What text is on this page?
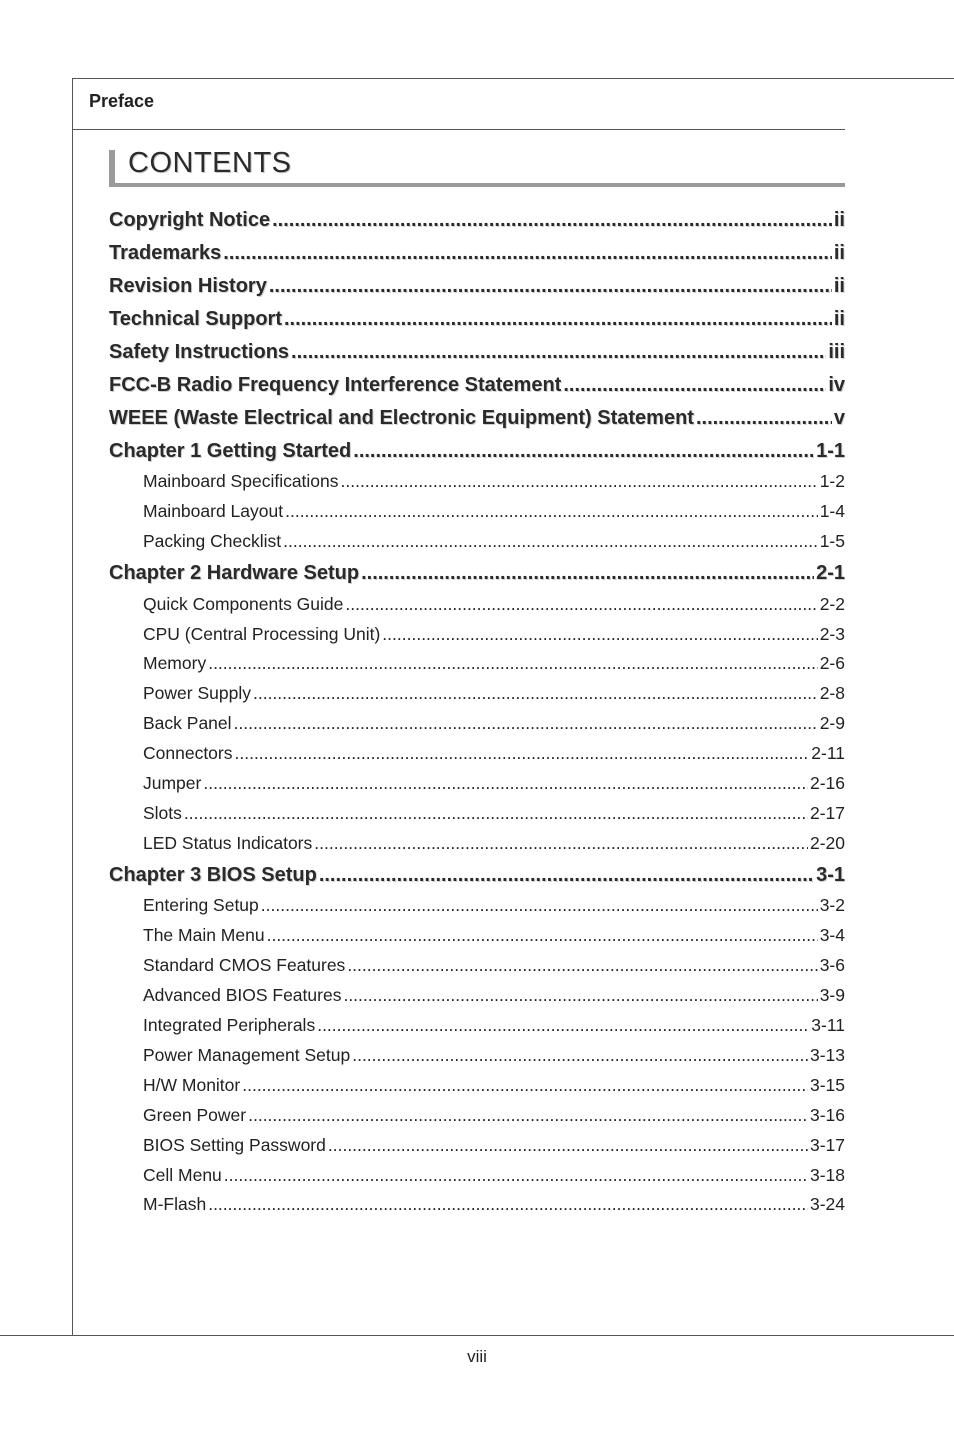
Preface
CONTENTS
Copyright Notice .....	ii
Trademarks .....	ii
Revision History .....	ii
Technical Support .....	ii
Safety Instructions .....	iii
FCC-B Radio Frequency Interference Statement .....	iv
WEEE (Waste Electrical and Electronic Equipment) Statement .....	v
Chapter 1 Getting Started .....	1-1
Mainboard Specifications .....	1-2
Mainboard Layout .....	1-4
Packing Checklist .....	1-5
Chapter 2 Hardware Setup .....	2-1
Quick Components Guide .....	2-2
CPU (Central Processing Unit) .....	2-3
Memory .....	2-6
Power Supply .....	2-8
Back Panel .....	2-9
Connectors .....	2-11
Jumper .....	2-16
Slots .....	2-17
LED Status Indicators .....	2-20
Chapter 3 BIOS Setup .....	3-1
Entering Setup .....	3-2
The Main Menu .....	3-4
Standard CMOS Features .....	3-6
Advanced BIOS Features .....	3-9
Integrated Peripherals .....	3-11
Power Management Setup .....	3-13
H/W Monitor .....	3-15
Green Power .....	3-16
BIOS Setting Password .....	3-17
Cell Menu .....	3-18
M-Flash .....	3-24
viii
